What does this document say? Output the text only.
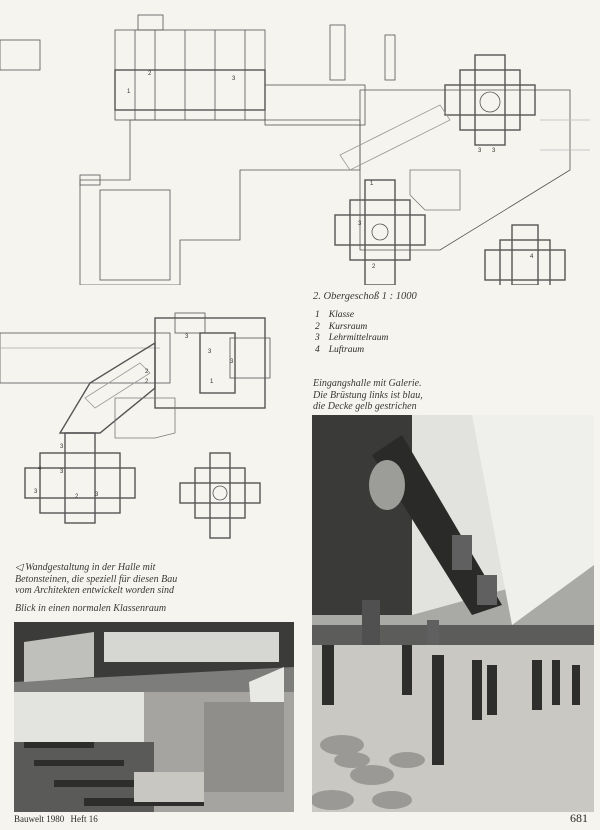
1
2
3
1
3
2
3 3
4
2. Obergeschoß 1 : 1000
1 Klasse
2 Kursraum
3 Lehrmittelraum
4 Luftraum
Eingangshalle mit Galerie. Die Brüstung links ist blau, die Decke gelb gestrichen
4
3
3
2	3
2
3
3
1
2
3
3
◁ Wandgestaltung in der Halle mit Betonsteinen, die speziell für diesen Bau vom Architekten entwickelt worden sind
Blick in einen normalen Klassenraum
Bauwelt 1980 Heft 16	681
